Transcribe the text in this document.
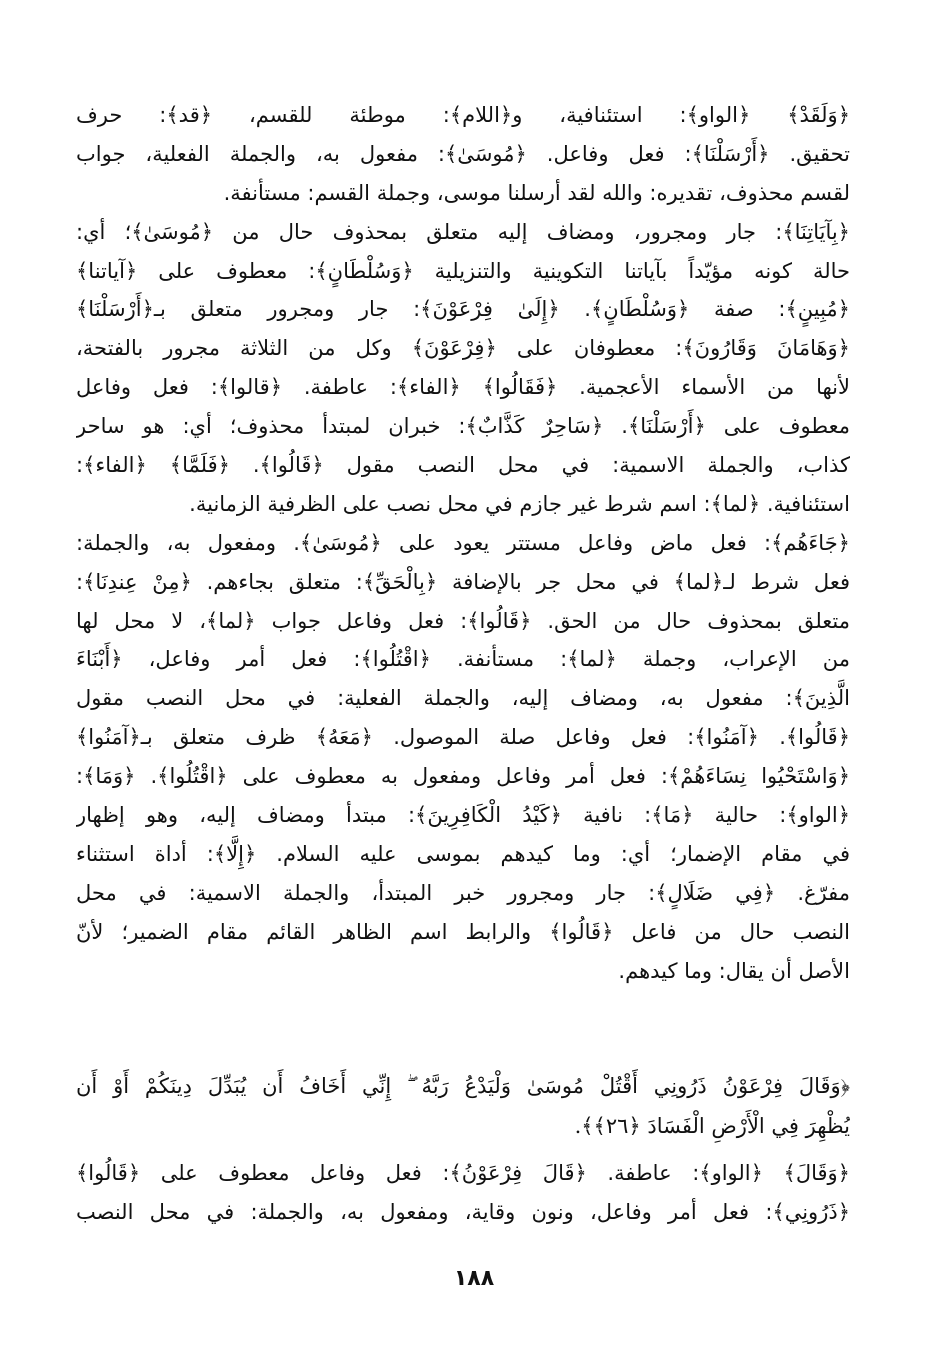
﴿وَلَقَدْ﴾ ﴿الواو﴾: استئنافية، و﴿اللام﴾: موطئة للقسم، ﴿قد﴾: حرف
تحقيق. ﴿أَرْسَلْنَا﴾: فعل وفاعل. ﴿مُوسَىٰ﴾: مفعول به، والجملة الفعلية، جواب
لقسم محذوف، تقديره: والله لقد أرسلنا موسى، وجملة القسم: مستأنفة.
﴿بِآيَاتِنَا﴾: جار ومجرور، ومضاف إليه متعلق بمحذوف حال من ﴿مُوسَىٰ﴾؛ أي:
حالة كونه مؤيّداً بآياتنا التكوينية والتنزيلية ﴿وَسُلْطَانٍ﴾: معطوف على ﴿آياتنا﴾
﴿مُبِينٍ﴾: صفة ﴿وَسُلْطَانٍ﴾. ﴿إِلَىٰ فِرْعَوْنَ﴾: جار ومجرور متعلق بـ﴿أَرْسَلْنَا﴾
﴿وَهَامَانَ وَقَارُونَ﴾: معطوفان على ﴿فِرْعَوْنَ﴾ وكل من الثلاثة مجرور بالفتحة،
لأنها من الأسماء الأعجمية. ﴿فَقَالُوا﴾ ﴿الفاء﴾: عاطفة. ﴿قالوا﴾: فعل وفاعل
معطوف على ﴿أَرْسَلْنَا﴾. ﴿سَاحِرٌ كَذَّابٌ﴾: خبران لمبتدأ محذوف؛ أي: هو ساحر
كذاب، والجملة الاسمية: في محل النصب مقول ﴿قَالُوا﴾. ﴿فَلَمَّا﴾ ﴿الفاء﴾:
استئنافية. ﴿لما﴾: اسم شرط غير جازم في محل نصب على الظرفية الزمانية.
﴿جَاءَهُم﴾: فعل ماض وفاعل مستتر يعود على ﴿مُوسَىٰ﴾. ومفعول به، والجملة:
فعل شرط لـ﴿لما﴾ في محل جر بالإضافة ﴿بِالْحَقِّ﴾: متعلق بجاءهم. ﴿مِنْ عِندِنَا﴾:
متعلق بمحذوف حال من الحق. ﴿قَالُوا﴾: فعل وفاعل جواب ﴿لما﴾، لا محل لها
من الإعراب، وجملة ﴿لما﴾: مستأنفة. ﴿اقْتُلُوا﴾: فعل أمر وفاعل، ﴿أَبْنَاءَ
الَّذِينَ﴾: مفعول به، ومضاف إليه، والجملة الفعلية: في محل النصب مقول
﴿قَالُوا﴾. ﴿آمَنُوا﴾: فعل وفاعل صلة الموصول. ﴿مَعَهُ﴾ ظرف متعلق بـ﴿آمَنُوا﴾
﴿وَاسْتَحْيُوا نِسَاءَهُمْ﴾: فعل أمر وفاعل ومفعول به معطوف على ﴿اقْتُلُوا﴾. ﴿وَمَا﴾:
﴿الواو﴾: حالية ﴿مَا﴾: نافية ﴿كَيْدُ الْكَافِرِينَ﴾: مبتدأ ومضاف إليه، وهو إظهار
في مقام الإضمار؛ أي: وما كيدهم بموسى عليه السلام. ﴿إِلَّا﴾: أداة استثناء
مفرّغ. ﴿فِي ضَلَالٍ﴾: جار ومجرور خبر المبتدأ، والجملة الاسمية: في محل
النصب حال من فاعل ﴿قَالُوا﴾ والرابط اسم الظاهر القائم مقام الضمير؛ لأنّ
الأصل أن يقال: وما كيدهم.
﴿وَقَالَ فِرْعَوْنُ ذَرُونِي أَقْتُلْ مُوسَىٰ وَلْيَدْعُ رَبَّهُ ۖ إِنِّي أَخَافُ أَن يُبَدِّلَ دِينَكُمْ أَوْ أَن
يُظْهِرَ فِي الْأَرْضِ الْفَسَادَ ﴿٢٦﴾﴾.
﴿وَقَالَ﴾ ﴿الواو﴾: عاطفة. ﴿قَالَ فِرْعَوْنُ﴾: فعل وفاعل معطوف على ﴿قَالُوا﴾
﴿ذَرُونِي﴾: فعل أمر وفاعل، ونون وقاية، ومفعول به، والجملة: في محل النصب
١٨٨
